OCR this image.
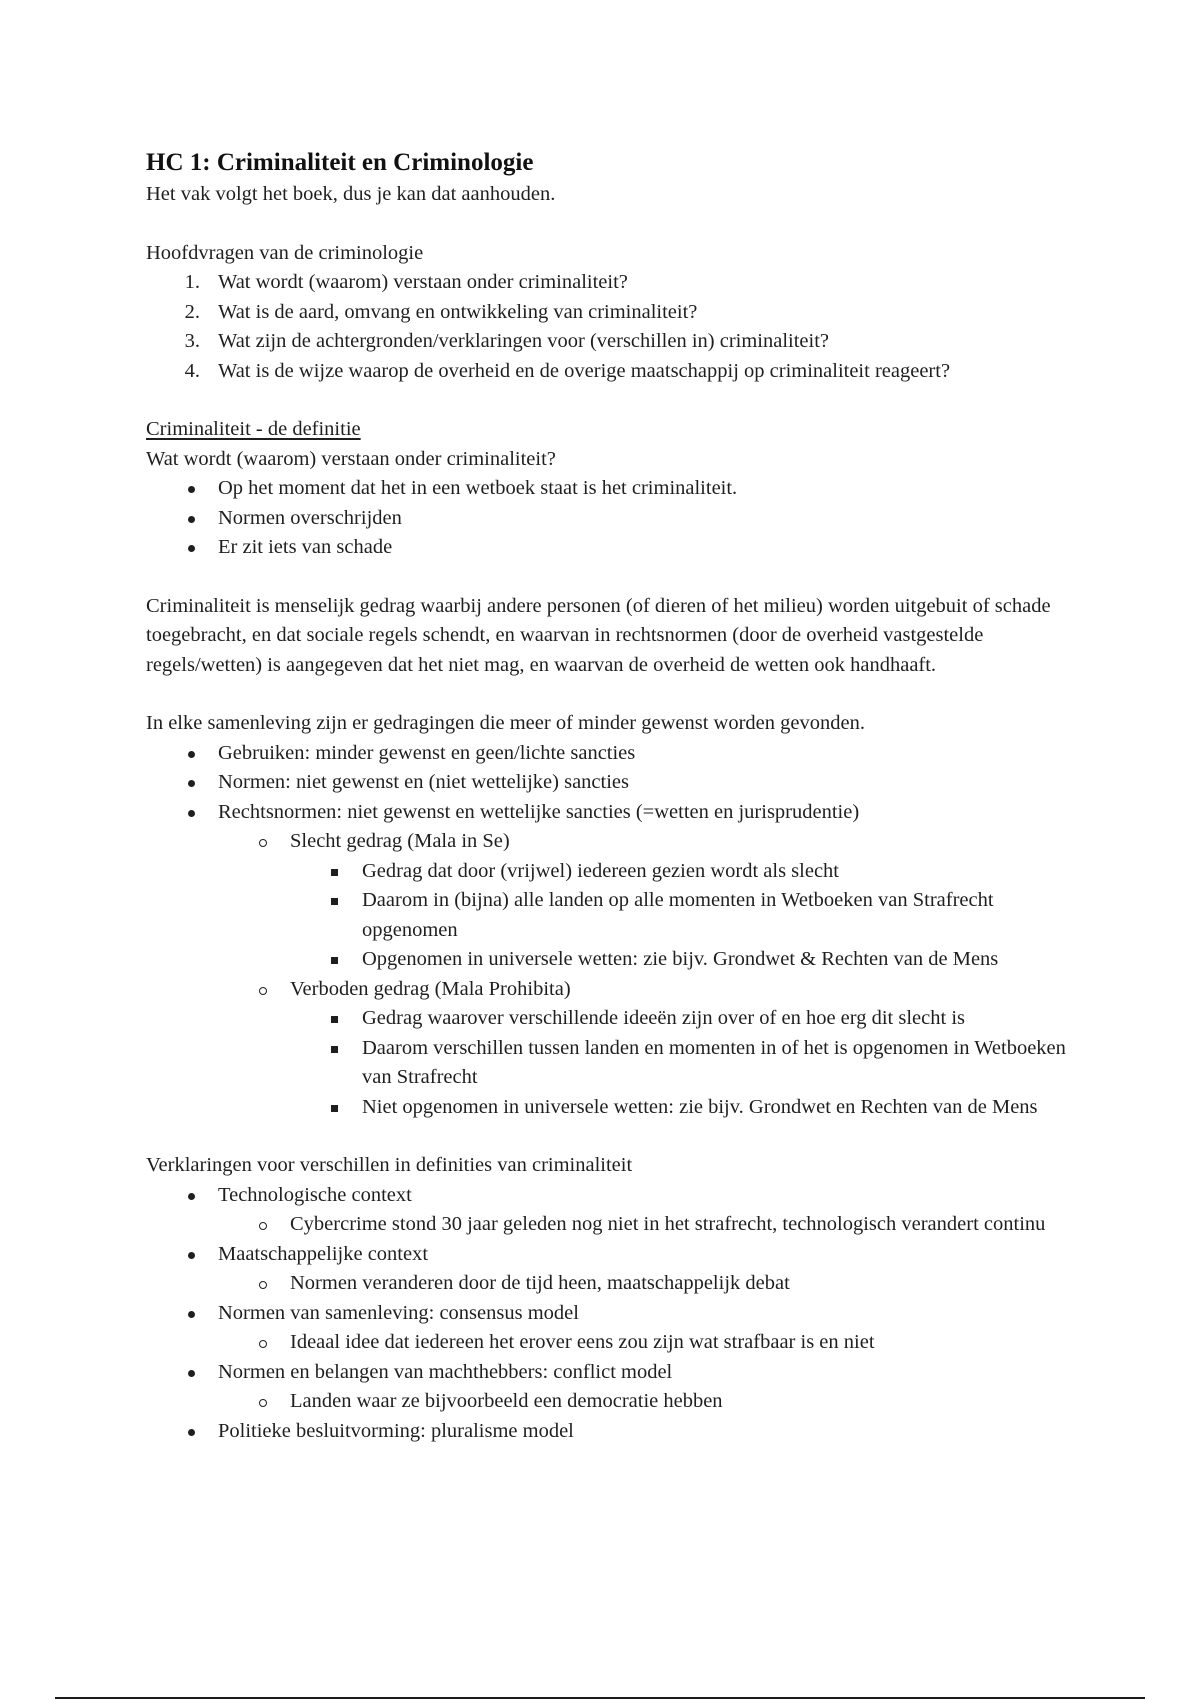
HC 1: Criminaliteit en Criminologie

Het vak volgt het boek, dus je kan dat aanhouden.

Hoofdvragen van de criminologie

1. Wat wordt (waarom) verstaan onder criminaliteit?
2. Wat is de aard, omvang en ontwikkeling van criminaliteit?
3. Wat zijn de achtergronden/verklaringen voor (verschillen in) criminaliteit?
4. Wat is de wijze waarop de overheid en de overige maatschappij op criminaliteit reageert?

Criminaliteit - de definitie

Wat wordt (waarom) verstaan onder criminaliteit?

Op het moment dat het in een wetboek staat is het criminaliteit.
Normen overschrijden
Er zit iets van schade

Criminaliteit is menselijk gedrag waarbij andere personen (of dieren of het milieu) worden uitgebuit of schade toegebracht, en dat sociale regels schendt, en waarvan in rechtsnormen (door de overheid vastgestelde regels/wetten) is aangegeven dat het niet mag, en waarvan de overheid de wetten ook handhaaft.

In elke samenleving zijn er gedragingen die meer of minder gewenst worden gevonden.

Gebruiken: minder gewenst en geen/lichte sancties
Normen: niet gewenst en (niet wettelijke) sancties
Rechtsnormen: niet gewenst en wettelijke sancties (=wetten en jurisprudentie)
Slecht gedrag (Mala in Se)
Gedrag dat door (vrijwel) iedereen gezien wordt als slecht
Daarom in (bijna) alle landen op alle momenten in Wetboeken van Strafrecht opgenomen
Opgenomen in universele wetten: zie bijv. Grondwet & Rechten van de Mens
Verboden gedrag (Mala Prohibita)
Gedrag waarover verschillende ideeën zijn over of en hoe erg dit slecht is
Daarom verschillen tussen landen en momenten in of het is opgenomen in Wetboeken van Strafrecht
Niet opgenomen in universele wetten: zie bijv. Grondwet en Rechten van de Mens

Verklaringen voor verschillen in definities van criminaliteit

Technologische context
Cybercrime stond 30 jaar geleden nog niet in het strafrecht, technologisch verandert continu
Maatschappelijke context
Normen veranderen door de tijd heen, maatschappelijk debat
Normen van samenleving: consensus model
Ideaal idee dat iedereen het erover eens zou zijn wat strafbaar is en niet
Normen en belangen van machthebbers: conflict model
Landen waar ze bijvoorbeeld een democratie hebben
Politieke besluitvorming: pluralisme model
